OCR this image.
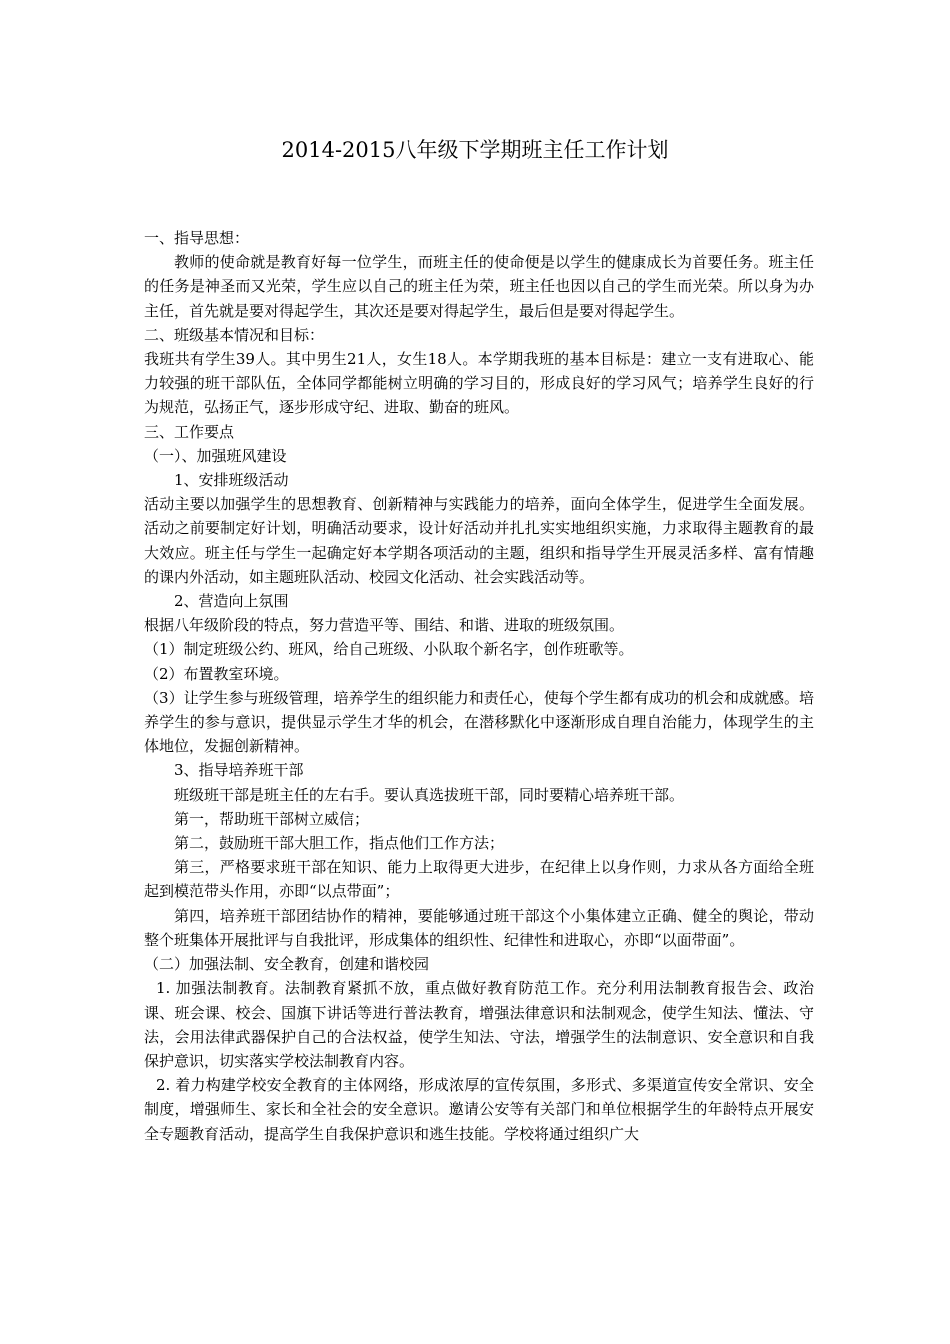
2014-2015八年级下学期班主任工作计划

一、指导思想：

教师的使命就是教育好每一位学生，而班主任的使命便是以学生的健康成长为首要任务。班主任的任务是神圣而又光荣，学生应以自己的班主任为荣，班主任也因以自己的学生而光荣。所以身为办主任，首先就是要对得起学生，其次还是要对得起学生，最后但是要对得起学生。

二、班级基本情况和目标：

我班共有学生39人。其中男生21人，女生18人。本学期我班的基本目标是：建立一支有进取心、能力较强的班干部队伍，全体同学都能树立明确的学习目的，形成良好的学习风气；培养学生良好的行为规范，弘扬正气，逐步形成守纪、进取、勤奋的班风。

三、工作要点

（一）、加强班风建设

1、安排班级活动

活动主要以加强学生的思想教育、创新精神与实践能力的培养，面向全体学生，促进学生全面发展。活动之前要制定好计划，明确活动要求，设计好活动并扎扎实实地组织实施，力求取得主题教育的最大效应。班主任与学生一起确定好本学期各项活动的主题，组织和指导学生开展灵活多样、富有情趣的课内外活动，如主题班队活动、校园文化活动、社会实践活动等。

2、营造向上氛围

根据八年级阶段的特点，努力营造平等、围结、和谐、进取的班级氛围。

（1）制定班级公约、班风，给自己班级、小队取个新名字，创作班歌等。

（2）布置教室环境。

（3）让学生参与班级管理，培养学生的组织能力和责任心，使每个学生都有成功的机会和成就感。培养学生的参与意识，提供显示学生才华的机会，在潜移默化中逐渐形成自理自治能力，体现学生的主体地位，发掘创新精神。

3、指导培养班干部

班级班干部是班主任的左右手。要认真选拔班干部，同时要精心培养班干部。

第一，帮助班干部树立威信；

第二，鼓励班干部大胆工作，指点他们工作方法；

第三，严格要求班干部在知识、能力上取得更大进步，在纪律上以身作则，力求从各方面给全班起到模范带头作用，亦即“以点带面”；

第四，培养班干部团结协作的精神，要能够通过班干部这个小集体建立正确、健全的舆论，带动整个班集体开展批评与自我批评，形成集体的组织性、纪律性和进取心，亦即“以面带面”。

（二）加强法制、安全教育，创建和谐校园

1. 加强法制教育。法制教育紧抓不放，重点做好教育防范工作。充分利用法制教育报告会、政治课、班会课、校会、国旗下讲话等进行普法教育，增强法律意识和法制观念，使学生知法、懂法、守法，会用法律武器保护自己的合法权益，使学生知法、守法，增强学生的法制意识、安全意识和自我保护意识，切实落实学校法制教育内容。

2. 着力构建学校安全教育的主体网络，形成浓厚的宣传氛围，多形式、多渠道宣传安全常识、安全制度，增强师生、家长和全社会的安全意识。邀请公安等有关部门和单位根据学生的年龄特点开展安全专题教育活动，提高学生自我保护意识和逃生技能。学校将通过组织广大
